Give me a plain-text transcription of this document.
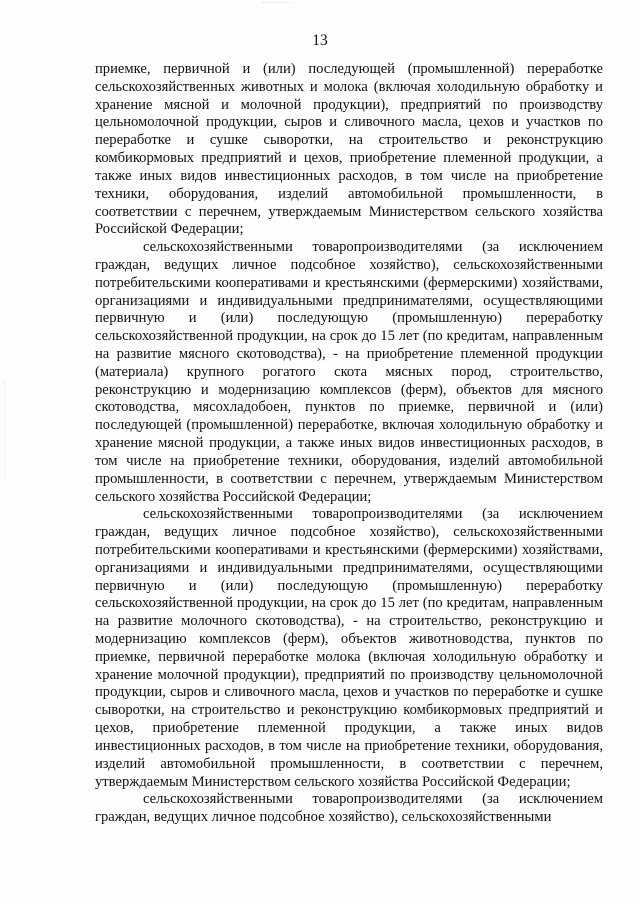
13

приемке, первичной и (или) последующей (промышленной) переработке сельскохозяйственных животных и молока (включая холодильную обработку и хранение мясной и молочной продукции), предприятий по производству цельномолочной продукции, сыров и сливочного масла, цехов и участков по переработке и сушке сыворотки, на строительство и реконструкцию комбикормовых предприятий и цехов, приобретение племенной продукции, а также иных видов инвестиционных расходов, в том числе на приобретение техники, оборудования, изделий автомобильной промышленности, в соответствии с перечнем, утверждаемым Министерством сельского хозяйства Российской Федерации;

сельскохозяйственными товаропроизводителями (за исключением граждан, ведущих личное подсобное хозяйство), сельскохозяйственными потребительскими кооперативами и крестьянскими (фермерскими) хозяйствами, организациями и индивидуальными предпринимателями, осуществляющими первичную и (или) последующую (промышленную) переработку сельскохозяйственной продукции, на срок до 15 лет (по кредитам, направленным на развитие мясного скотоводства), - на приобретение племенной продукции (материала) крупного рогатого скота мясных пород, строительство, реконструкцию и модернизацию комплексов (ферм), объектов для мясного скотоводства, мясохладобоен, пунктов по приемке, первичной и (или) последующей (промышленной) переработке, включая холодильную обработку и хранение мясной продукции, а также иных видов инвестиционных расходов, в том числе на приобретение техники, оборудования, изделий автомобильной промышленности, в соответствии с перечнем, утверждаемым Министерством сельского хозяйства Российской Федерации;

сельскохозяйственными товаропроизводителями (за исключением граждан, ведущих личное подсобное хозяйство), сельскохозяйственными потребительскими кооперативами и крестьянскими (фермерскими) хозяйствами, организациями и индивидуальными предпринимателями, осуществляющими первичную и (или) последующую (промышленную) переработку сельскохозяйственной продукции, на срок до 15 лет (по кредитам, направленным на развитие молочного скотоводства), - на строительство, реконструкцию и модернизацию комплексов (ферм), объектов животноводства, пунктов по приемке, первичной переработке молока (включая холодильную обработку и хранение молочной продукции), предприятий по производству цельномолочной продукции, сыров и сливочного масла, цехов и участков по переработке и сушке сыворотки, на строительство и реконструкцию комбикормовых предприятий и цехов, приобретение племенной продукции, а также иных видов инвестиционных расходов, в том числе на приобретение техники, оборудования, изделий автомобильной промышленности, в соответствии с перечнем, утверждаемым Министерством сельского хозяйства Российской Федерации;

сельскохозяйственными товаропроизводителями (за исключением граждан, ведущих личное подсобное хозяйство), сельскохозяйственными
